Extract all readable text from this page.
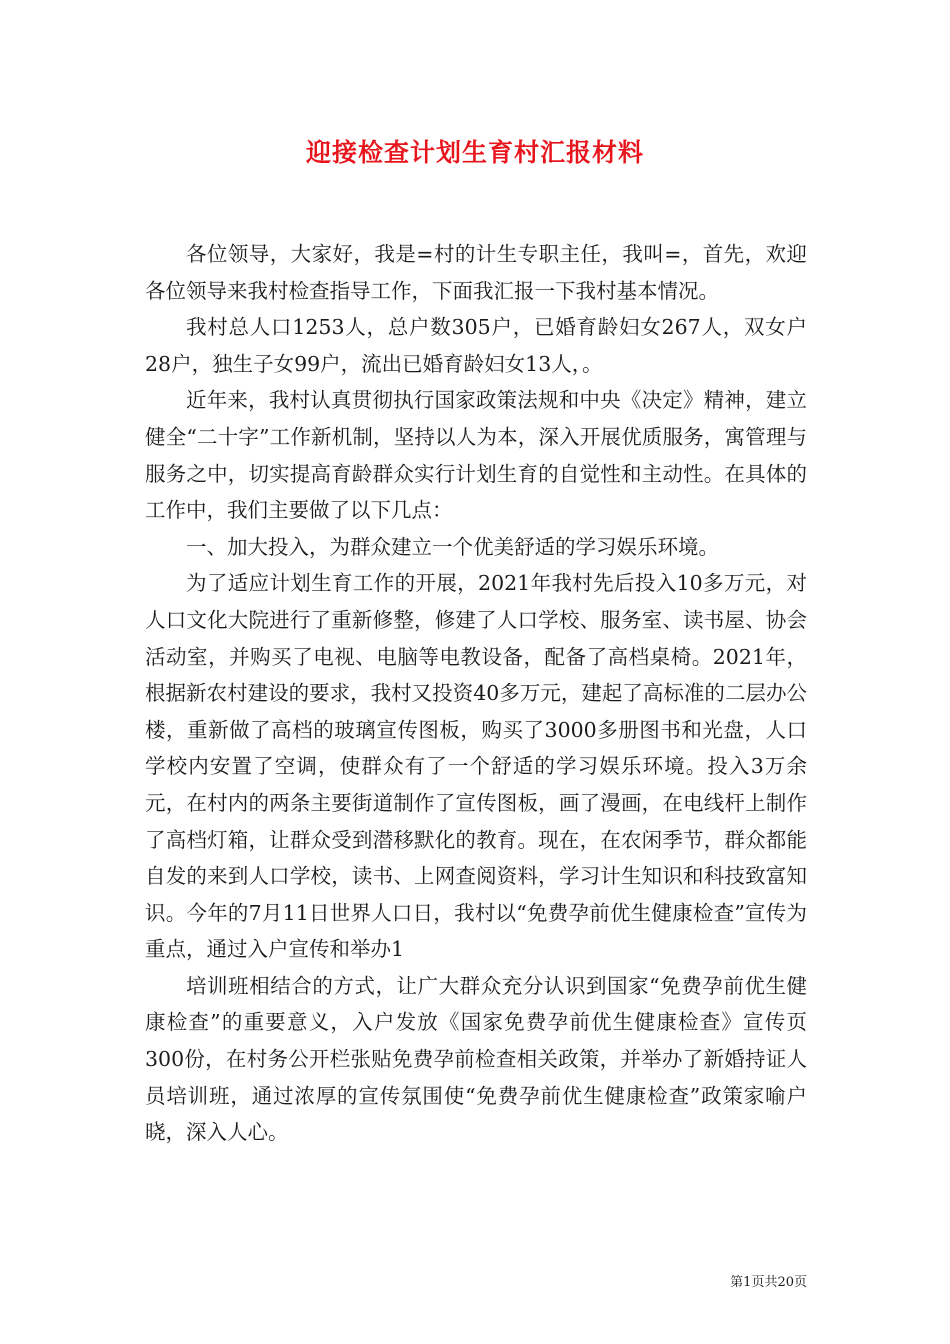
迎接检查计划生育村汇报材料

各位领导，大家好，我是=村的计生专职主任，我叫=，首先，欢迎各位领导来我村检查指导工作，下面我汇报一下我村基本情况。

我村总人口1253人，总户数305户，已婚育龄妇女267人，双女户28户，独生子女99户，流出已婚育龄妇女13人，。

近年来，我村认真贯彻执行国家政策法规和中央《决定》精神，建立健全“二十字”工作新机制，坚持以人为本，深入开展优质服务，寓管理与服务之中，切实提高育龄群众实行计划生育的自觉性和主动性。在具体的工作中，我们主要做了以下几点：

一、加大投入，为群众建立一个优美舒适的学习娱乐环境。

为了适应计划生育工作的开展，2021年我村先后投入10多万元，对人口文化大院进行了重新修整，修建了人口学校、服务室、读书屋、协会活动室，并购买了电视、电脑等电教设备，配备了高档桌椅。2021年，根据新农村建设的要求，我村又投资40多万元，建起了高标准的二层办公楼，重新做了高档的玻璃宣传图板，购买了3000多册图书和光盘，人口学校内安置了空调，使群众有了一个舒适的学习娱乐环境。投入3万余元，在村内的两条主要街道制作了宣传图板，画了漫画，在电线杆上制作了高档灯箱，让群众受到潜移默化的教育。现在，在农闲季节，群众都能自发的来到人口学校，读书、上网查阅资料，学习计生知识和科技致富知识。今年的7月11日世界人口日，我村以“免费孕前优生健康检查”宣传为重点，通过入户宣传和举办1

培训班相结合的方式，让广大群众充分认识到国家“免费孕前优生健康检查”的重要意义，入户发放《国家免费孕前优生健康检查》宣传页300份，在村务公开栏张贴免费孕前检查相关政策，并举办了新婚持证人员培训班，通过浓厚的宣传氛围使“免费孕前优生健康检查”政策家喻户晓，深入人心。

第1页共20页
